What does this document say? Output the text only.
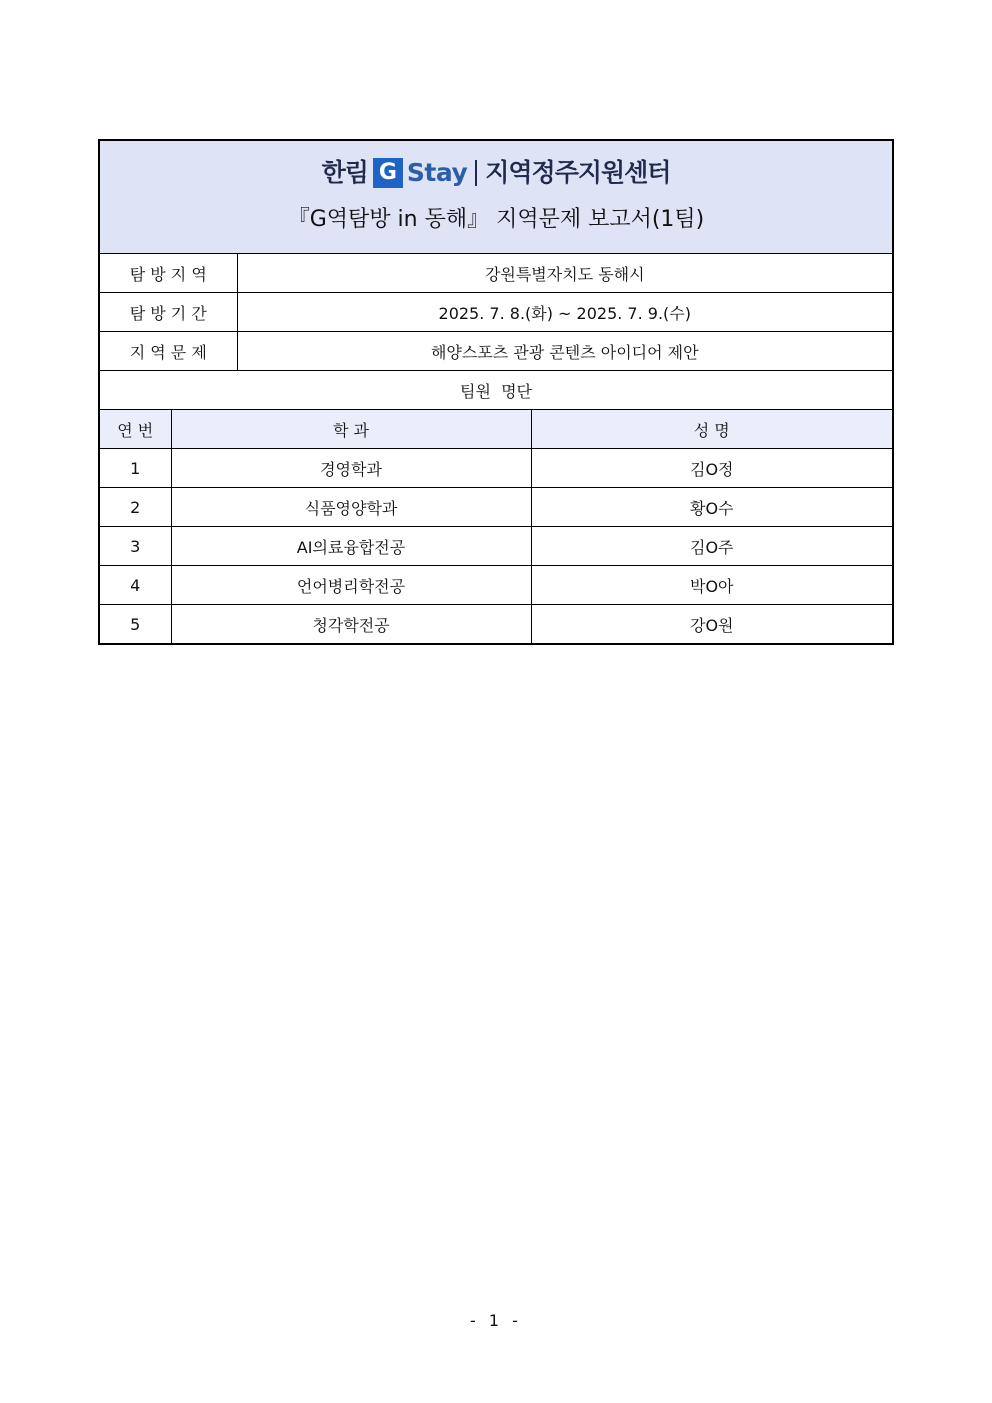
한림 G Stay 지역정주지원센터
『G역탐방 in 동해』 지역문제 보고서(1팀)			

탐 방 지 역		강원특별자치도 동해시	
탐 방 기 간		2025. 7. 8.(화) ~ 2025. 7. 9.(수)	
지 역 문 제		해양스포츠 관광 콘텐츠 아이디어 제안	
팀원  명단			
연 번	학 과		성 명
1	경영학과		김O정
2	식품영양학과		황O수
3	AI의료융합전공		김O주
4	언어병리학전공		박O아
5	청각학전공		강O원
- 1 -
